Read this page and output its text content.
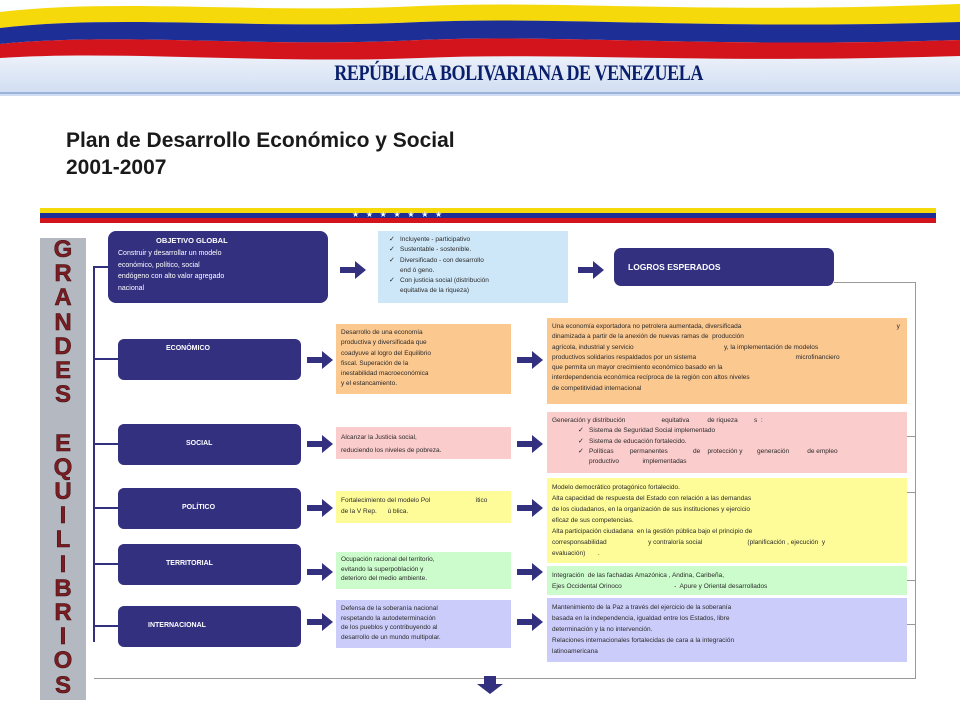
REPÚBLICA BOLIVARIANA DE VENEZUELA
Plan de Desarrollo Económico y Social
2001-2007
★   ★   ★   ★   ★   ★   ★
G
R
A
N
D
E
S
E
Q
U
I
L
I
B
R
I
O
S
OBJETIVO GLOBAL
Construir y desarrollar un modelo
económico, político, social
endógeno con alto valor agregado
nacional
✓ Incluyente - participativo
✓ Sustentable - sostenible.
✓ Diversificado - con desarrollo
end ó geno.
✓ Con justicia social (distribución
equitativa de la riqueza)
LOGROS ESPERADOS
ECONÓMICO
Desarrollo de una economía
productiva y diversificada que
coadyuve al logro del Equilibrio
fiscal. Superación de la
inestabilidad macroeconómica
y el estancamiento.
Una economía exportadora no petrolera aumentada, diversificada                                                                                      y
dinamizada a partir de la anexión de nuevas ramas de  producción
agrícola, industrial y servicio                                                  y, la implementación de modelos
productivos solidarios respaldados por un sistema                                                       microfinanciero
que permita un mayor crecimiento económico basado en la
interdependencia económica recíproca de la región con altos niveles
de competitividad internacional
SOCIAL
Alcanzar la Justicia social,
reduciendo los niveles de pobreza.
Generación y distribución                    equitativa          de riqueza         s  :
✓ Sistema de Seguridad Social implementado
✓ Sistema de educación fortalecido.
✓ Políticas         permanentes              de    protección y        generación          de empleo
productivo             implementadas
POLÍTICO
Fortalecimiento del modelo Pol                         ítico
de la V Rep.      ú blica.
Modelo democrático protagónico fortalecido.
Alta capacidad de respuesta del Estado con relación a las demandas
de los ciudadanos, en la organización de sus instituciones y ejercicio
eficaz de sus competencias.
Alta participación ciudadana  en la gestión pública bajo el principio de
corresponsabilidad                       y contraloría social                         (planificación , ejecución  y
evaluación)       .
TERRITORIAL
Ocupación racional del territorio,
evitando la superpoblación y
deterioro del medio ambiente.	Integración  de las fachadas Amazónica , Andina, Caribeña,
Ejes Occidental Orinoco                             -  Apure y Oriental desarrollados
INTERNACIONAL
Defensa de la soberanía nacional
respetando la autodeterminación
de los pueblos y contribuyendo al
desarrollo de un mundo multipolar.
Mantenimiento de la Paz a través del ejercicio de la soberanía
basada en la independencia, igualdad entre los Estados, libre
determinación y la no intervención.
Relaciones internacionales fortalecidas de cara a la integración
latinoamericana
